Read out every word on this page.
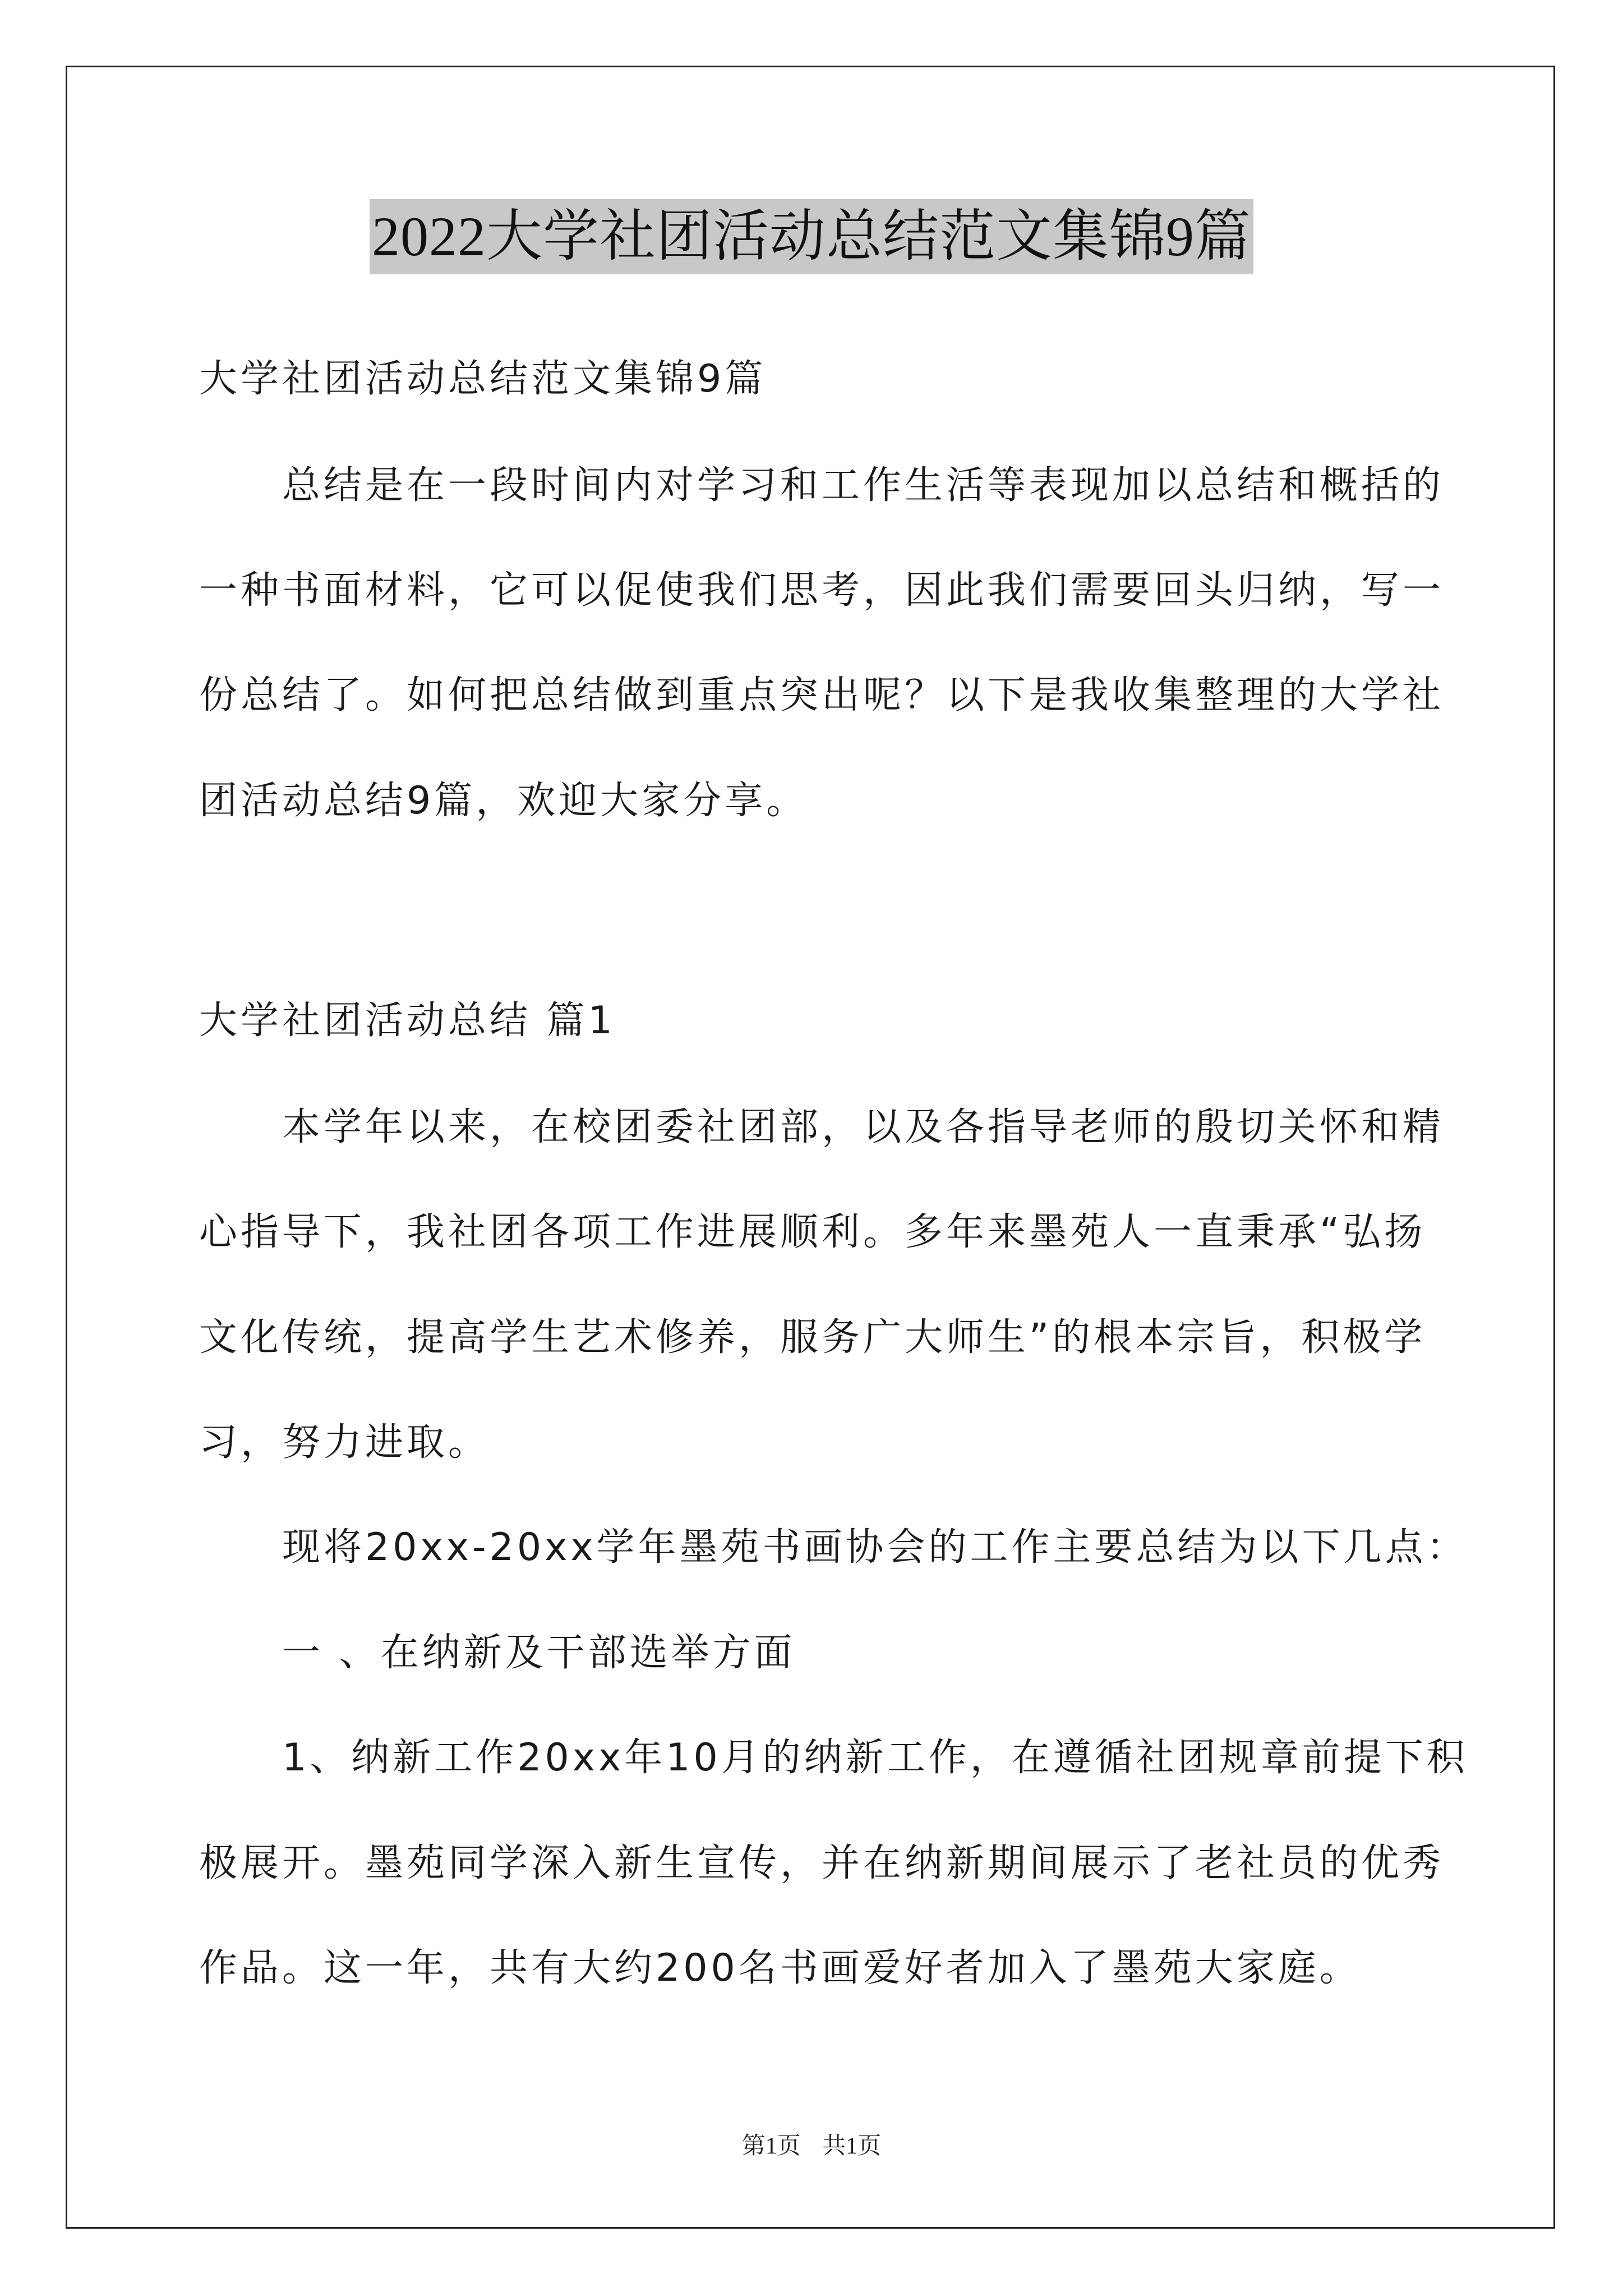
2022大学社团活动总结范文集锦9篇
大学社团活动总结范文集锦9篇
总结是在一段时间内对学习和工作生活等表现加以总结和概括的
一种书面材料，它可以促使我们思考，因此我们需要回头归纳，写一
份总结了。如何把总结做到重点突出呢？以下是我收集整理的大学社
团活动总结9篇，欢迎大家分享。
大学社团活动总结 篇1
本学年以来，在校团委社团部，以及各指导老师的殷切关怀和精
心指导下，我社团各项工作进展顺利。多年来墨苑人一直秉承“弘扬
文化传统，提高学生艺术修养，服务广大师生”的根本宗旨，积极学
习，努力进取。
现将20xx-20xx学年墨苑书画协会的工作主要总结为以下几点：
一 、在纳新及干部选举方面
1、纳新工作20xx年10月的纳新工作，在遵循社团规章前提下积
极展开。墨苑同学深入新生宣传，并在纳新期间展示了老社员的优秀
作品。这一年，共有大约200名书画爱好者加入了墨苑大家庭。
第1页 共1页
